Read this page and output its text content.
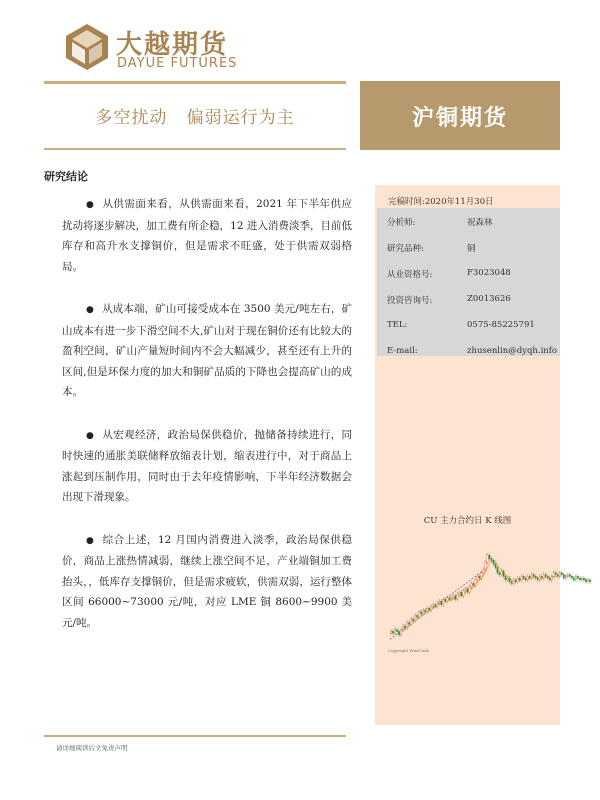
大越期货
DAYUE FUTURES
多空扰动   偏弱运行为主	沪铜期货
研究结论
●从供需面来看，从供需面来看，2021 年下半年供应扰动将逐步解决，加工费有所企稳，12 进入消费淡季，目前低库存和高升水支撑铜价，但是需求不旺盛，处于供需双弱格局。
●从成本端，矿山可接受成本在 3500 美元/吨左右，矿山成本有进一步下滑空间不大,矿山对于现在铜价还有比较大的盈利空间，矿山产量短时间内不会大幅减少，甚至还有上升的区间,但是环保力度的加大和铜矿品质的下降也会提高矿山的成本。
●从宏观经济，政治局保供稳价，抛储备持续进行，同时快速的通胀美联储释放缩表计划，缩表进行中，对于商品上涨起到压制作用，同时由于去年疫情影响，下半年经济数据会出现下滑现象。
●综合上述，12 月国内消费进入淡季，政治局保供稳价，商品上涨热情减弱，继续上涨空间不足，产业端铜加工费抬头，，低库存支撑铜价，但是需求疲软，供需双弱，运行整体区间 66000~73000 元/吨，对应 LME 铜 8600~9900 美元/吨。
完稿时间:2020年11月30日
分析师:	祝森林
研究品种:	铜
从业资格号:	F3023048
投资咨询号:	Z0013626
TEL:	0575-85225791
E-mail:	zhusenlin@dyqh.info
CU 主力合约日 K 线图
Copyright Wind Info
请详细阅读后文免责声明
